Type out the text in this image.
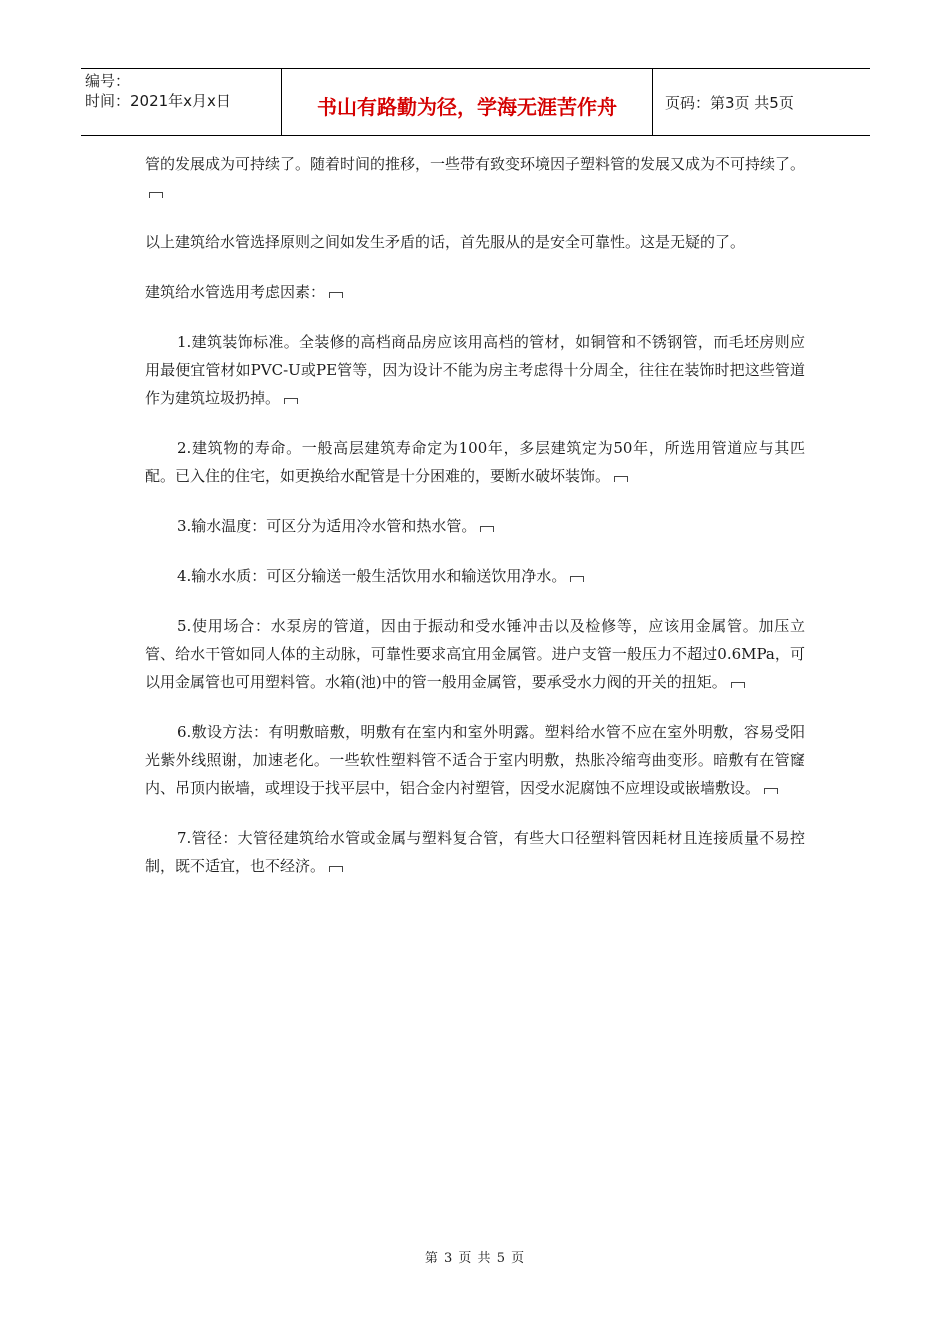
编号：
时间：2021年x月x日	书山有路勤为径，学海无涯苦作舟	页码：第3页 共5页

管的发展成为可持续了。随着时间的推移，一些带有致变环境因子塑料管的发展又成为不可持续了。

以上建筑给水管选择原则之间如发生矛盾的话，首先服从的是安全可靠性。这是无疑的了。

建筑给水管选用考虑因素：

1.建筑装饰标准。全装修的高档商品房应该用高档的管材，如铜管和不锈钢管，而毛坯房则应用最便宜管材如PVC-U或PE管等，因为设计不能为房主考虑得十分周全，往往在装饰时把这些管道作为建筑垃圾扔掉。

2.建筑物的寿命。一般高层建筑寿命定为100年，多层建筑定为50年，所选用管道应与其匹配。已入住的住宅，如更换给水配管是十分困难的，要断水破坏装饰。

3.输水温度：可区分为适用冷水管和热水管。

4.输水水质：可区分输送一般生活饮用水和输送饮用净水。

5.使用场合：水泵房的管道，因由于振动和受水锤冲击以及检修等，应该用金属管。加压立管、给水干管如同人体的主动脉，可靠性要求高宜用金属管。进户支管一般压力不超过0.6MPa，可以用金属管也可用塑料管。水箱(池)中的管一般用金属管，要承受水力阀的开关的扭矩。

6.敷设方法：有明敷暗敷，明敷有在室内和室外明露。塑料给水管不应在室外明敷，容易受阳光紫外线照谢，加速老化。一些软性塑料管不适合于室内明敷，热胀冷缩弯曲变形。暗敷有在管窿内、吊顶内嵌墙，或埋设于找平层中，铝合金内衬塑管，因受水泥腐蚀不应埋设或嵌墙敷设。

7.管径：大管径建筑给水管或金属与塑料复合管，有些大口径塑料管因耗材且连接质量不易控制，既不适宜，也不经济。

第 3 页 共 5 页
